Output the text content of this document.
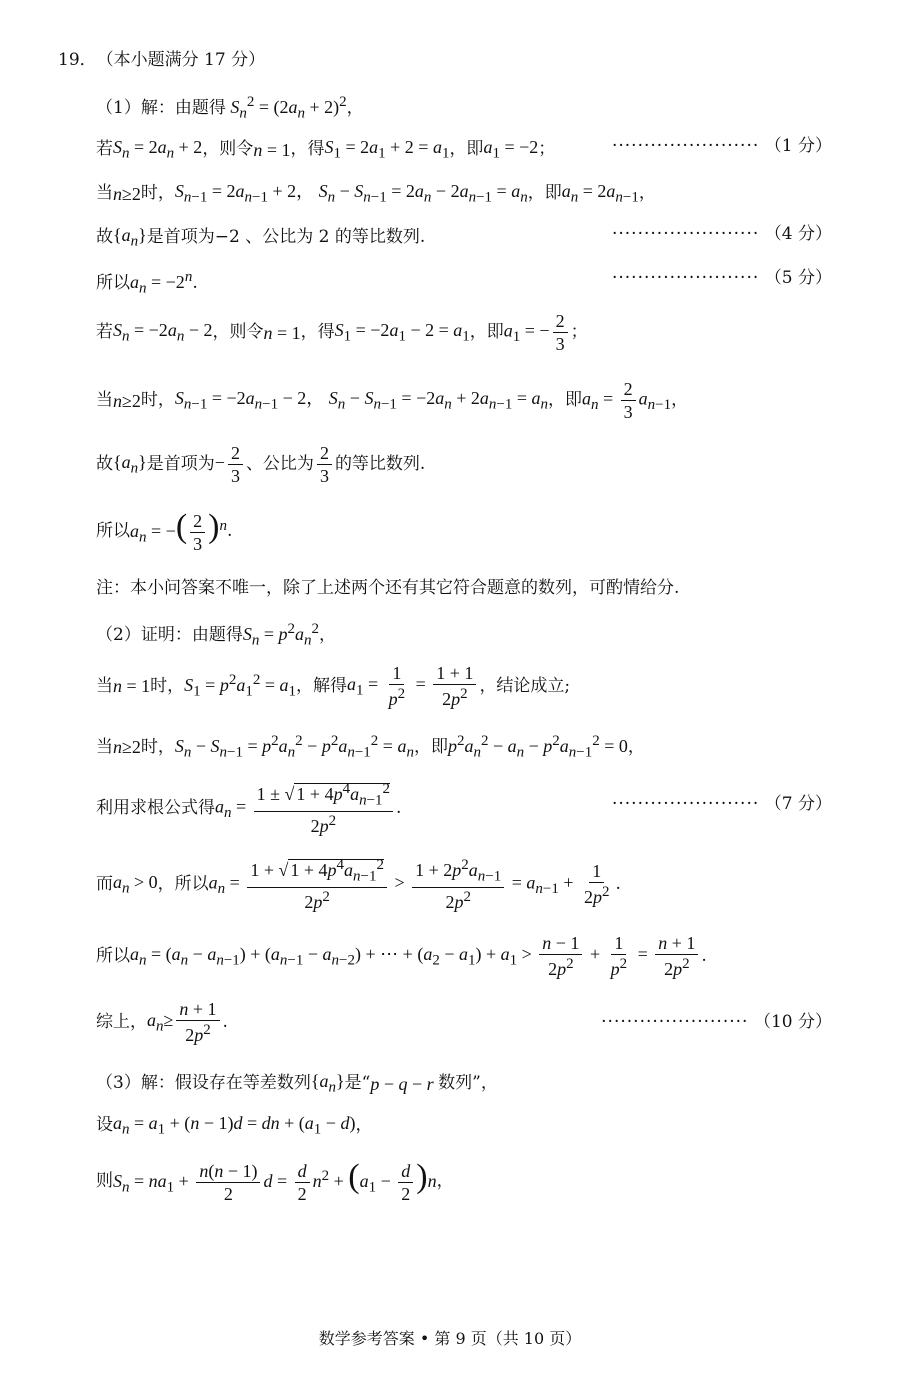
19． （本小题满分 17 分）
（1）解：由题得 $S_n^2 = (2a_n + 2)^2$ ，
若 $S_n = 2a_n + 2$ ，则令 n = 1 ，得 $S_1 = 2a_1 + 2 = a_1$ ，即 $a_1 = -2$ ；	······················· （1 分）
当 n≥2 时， $S_{n-1} = 2a_{n-1} + 2$， $S_n - S_{n-1} = 2a_n - 2a_{n-1} = a_n$ ，即 $a_n = 2a_{n-1}$ ，
故 $\{a_n\}$ 是首项为−2 、公比为 2 的等比数列.	······················· （4 分）
所以 $a_n = -2^n$ .	······················· （5 分）
若 $S_n = -2a_n - 2$ ，则令 n = 1 ，得 $S_1 = -2a_1 - 2 = a_1$ ，即 $a_1$ = − $\frac{2}{3}$ ；
当 n≥2 时， $S_{n-1} = -2a_{n-1} - 2$， $S_n - S_{n-1} = -2a_n + 2a_{n-1} = a_n$ ，即 $a_n = \frac{2}{3} a_{n-1}$ ，
故 $\{a_n\}$ 是首项为 − $\frac{2}{3}$ 、公比为 $\frac{2}{3}$ 的等比数列.
所以 $a_n$ = −( $\frac{2}{3} )^n$ .
注：本小问答案不唯一，除了上述两个还有其它符合题意的数列，可酌情给分.
（2）证明：由题得 $S_n = p^2a_n^2$ ，
当 n = 1 时， $S_1 = p^2a_1^2 = a_1$ ，解得 $a_1 = \frac{1}{p^2} = \frac{1 + 1}{2p^2}$ ，结论成立;
当 n≥2 时， $S_n - S_{n-1} = p^2a_n^2 - p^2a_{n-1}^2 = a_n$ ，即 $p^2a_n^2 - a_n - p^2a_{n-1}^2 = 0$ ，
利用求根公式得 $a_n = \frac{1 \pm √ 1 + 4p^4a_{n-1}^2}{2p^2}$ .	······················· （7 分）
而 $a_n > 0$ ，所以 $a_n = \frac{1 + √ 1 + 4p^4a_{n-1}^2}{2p^2} > \frac{1 + 2p^2a_{n-1}}{2p^2} = a_{n-1} + \frac{1}{2p^2}$ .
所以 $a_n = (a_n - a_{n-1}) + (a_{n-1} - a_{n-2})$ + ⋯ + $(a_2 - a_1) + a_1 > \frac{n - 1}{2p^2} + \frac{1}{p^2} = \frac{n + 1}{2p^2}$ .
综上， $a_n\ge \frac{n + 1}{2p^2}$ .	······················· （10 分）
（3）解：假设存在等差数列 $\{a_n\}$ 是“ p − q − r 数列”，
设 $a_n = a_1 + (n - 1)d$ = dn + $(a_1 - d)$ ，
则 $S_n = na_1 + \frac{n(n - 1)}{2}$ $d = \frac{d}{2} n^2 + (a_1 - \frac{d}{2} )n$ ，
数学参考答案 • 第 9 页（共 10 页）
